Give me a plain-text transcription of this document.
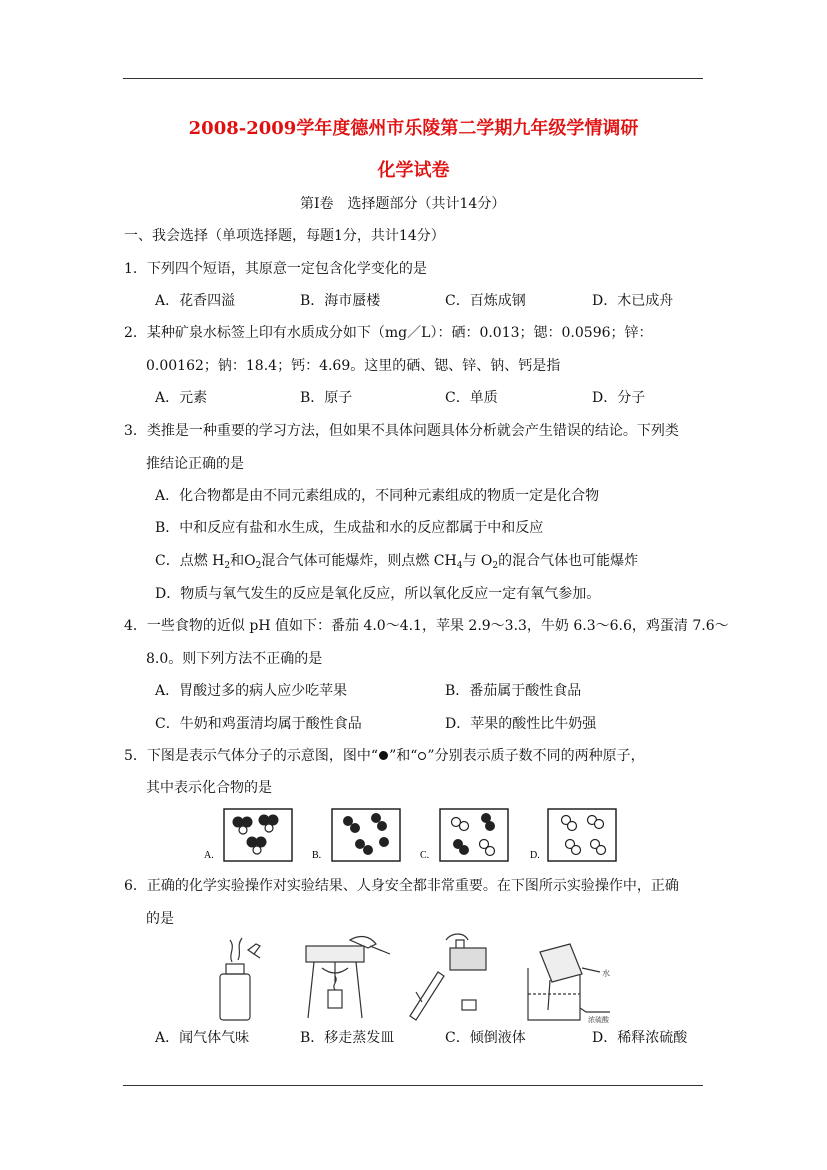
2008-2009学年度德州市乐陵第二学期九年级学情调研
化学试卷
第Ⅰ卷　选择题部分（共计14分）
一、我会选择（单项选择题，每题1分，共计14分）
1．下列四个短语，其原意一定包含化学变化的是
A．花香四溢	B．海市蜃楼	C．百炼成钢	D．木已成舟
2．某种矿泉水标签上印有水质成分如下（mg／L）：硒：0.013；锶：0.0596；锌：
0.00162；钠：18.4；钙：4.69。这里的硒、锶、锌、钠、钙是指
A．元素	B．原子	C．单质	D．分子
3．类推是一种重要的学习方法，但如果不具体问题具体分析就会产生错误的结论。下列类
推结论正确的是
A．化合物都是由不同元素组成的，不同种元素组成的物质一定是化合物
B．中和反应有盐和水生成，生成盐和水的反应都属于中和反应
C．点燃 $H_2$和$O_2$混合气体可能爆炸，则点燃 $CH_4$与 $O_2$的混合气体也可能爆炸
D．物质与氧气发生的反应是氧化反应，所以氧化反应一定有氧气参加。
4．一些食物的近似 pH 值如下：番茄 4.0～4.1，苹果 2.9～3.3，牛奶 6.3～6.6，鸡蛋清 7.6～
8.0。则下列方法不正确的是
A．胃酸过多的病人应少吃苹果	B．番茄属于酸性食品
C．牛奶和鸡蛋清均属于酸性食品	D．苹果的酸性比牛奶强
5．下图是表示气体分子的示意图，图中“ ”和“ ”分别表示质子数不同的两种原子，
其中表示化合物的是
A.	B.	C.	D.
6．正确的化学实验操作对实验结果、人身安全都非常重要。在下图所示实验操作中，正确
的是
水
浓硫酸
A．闻气体气味	B．移走蒸发皿	C．倾倒液体	D．稀释浓硫酸
